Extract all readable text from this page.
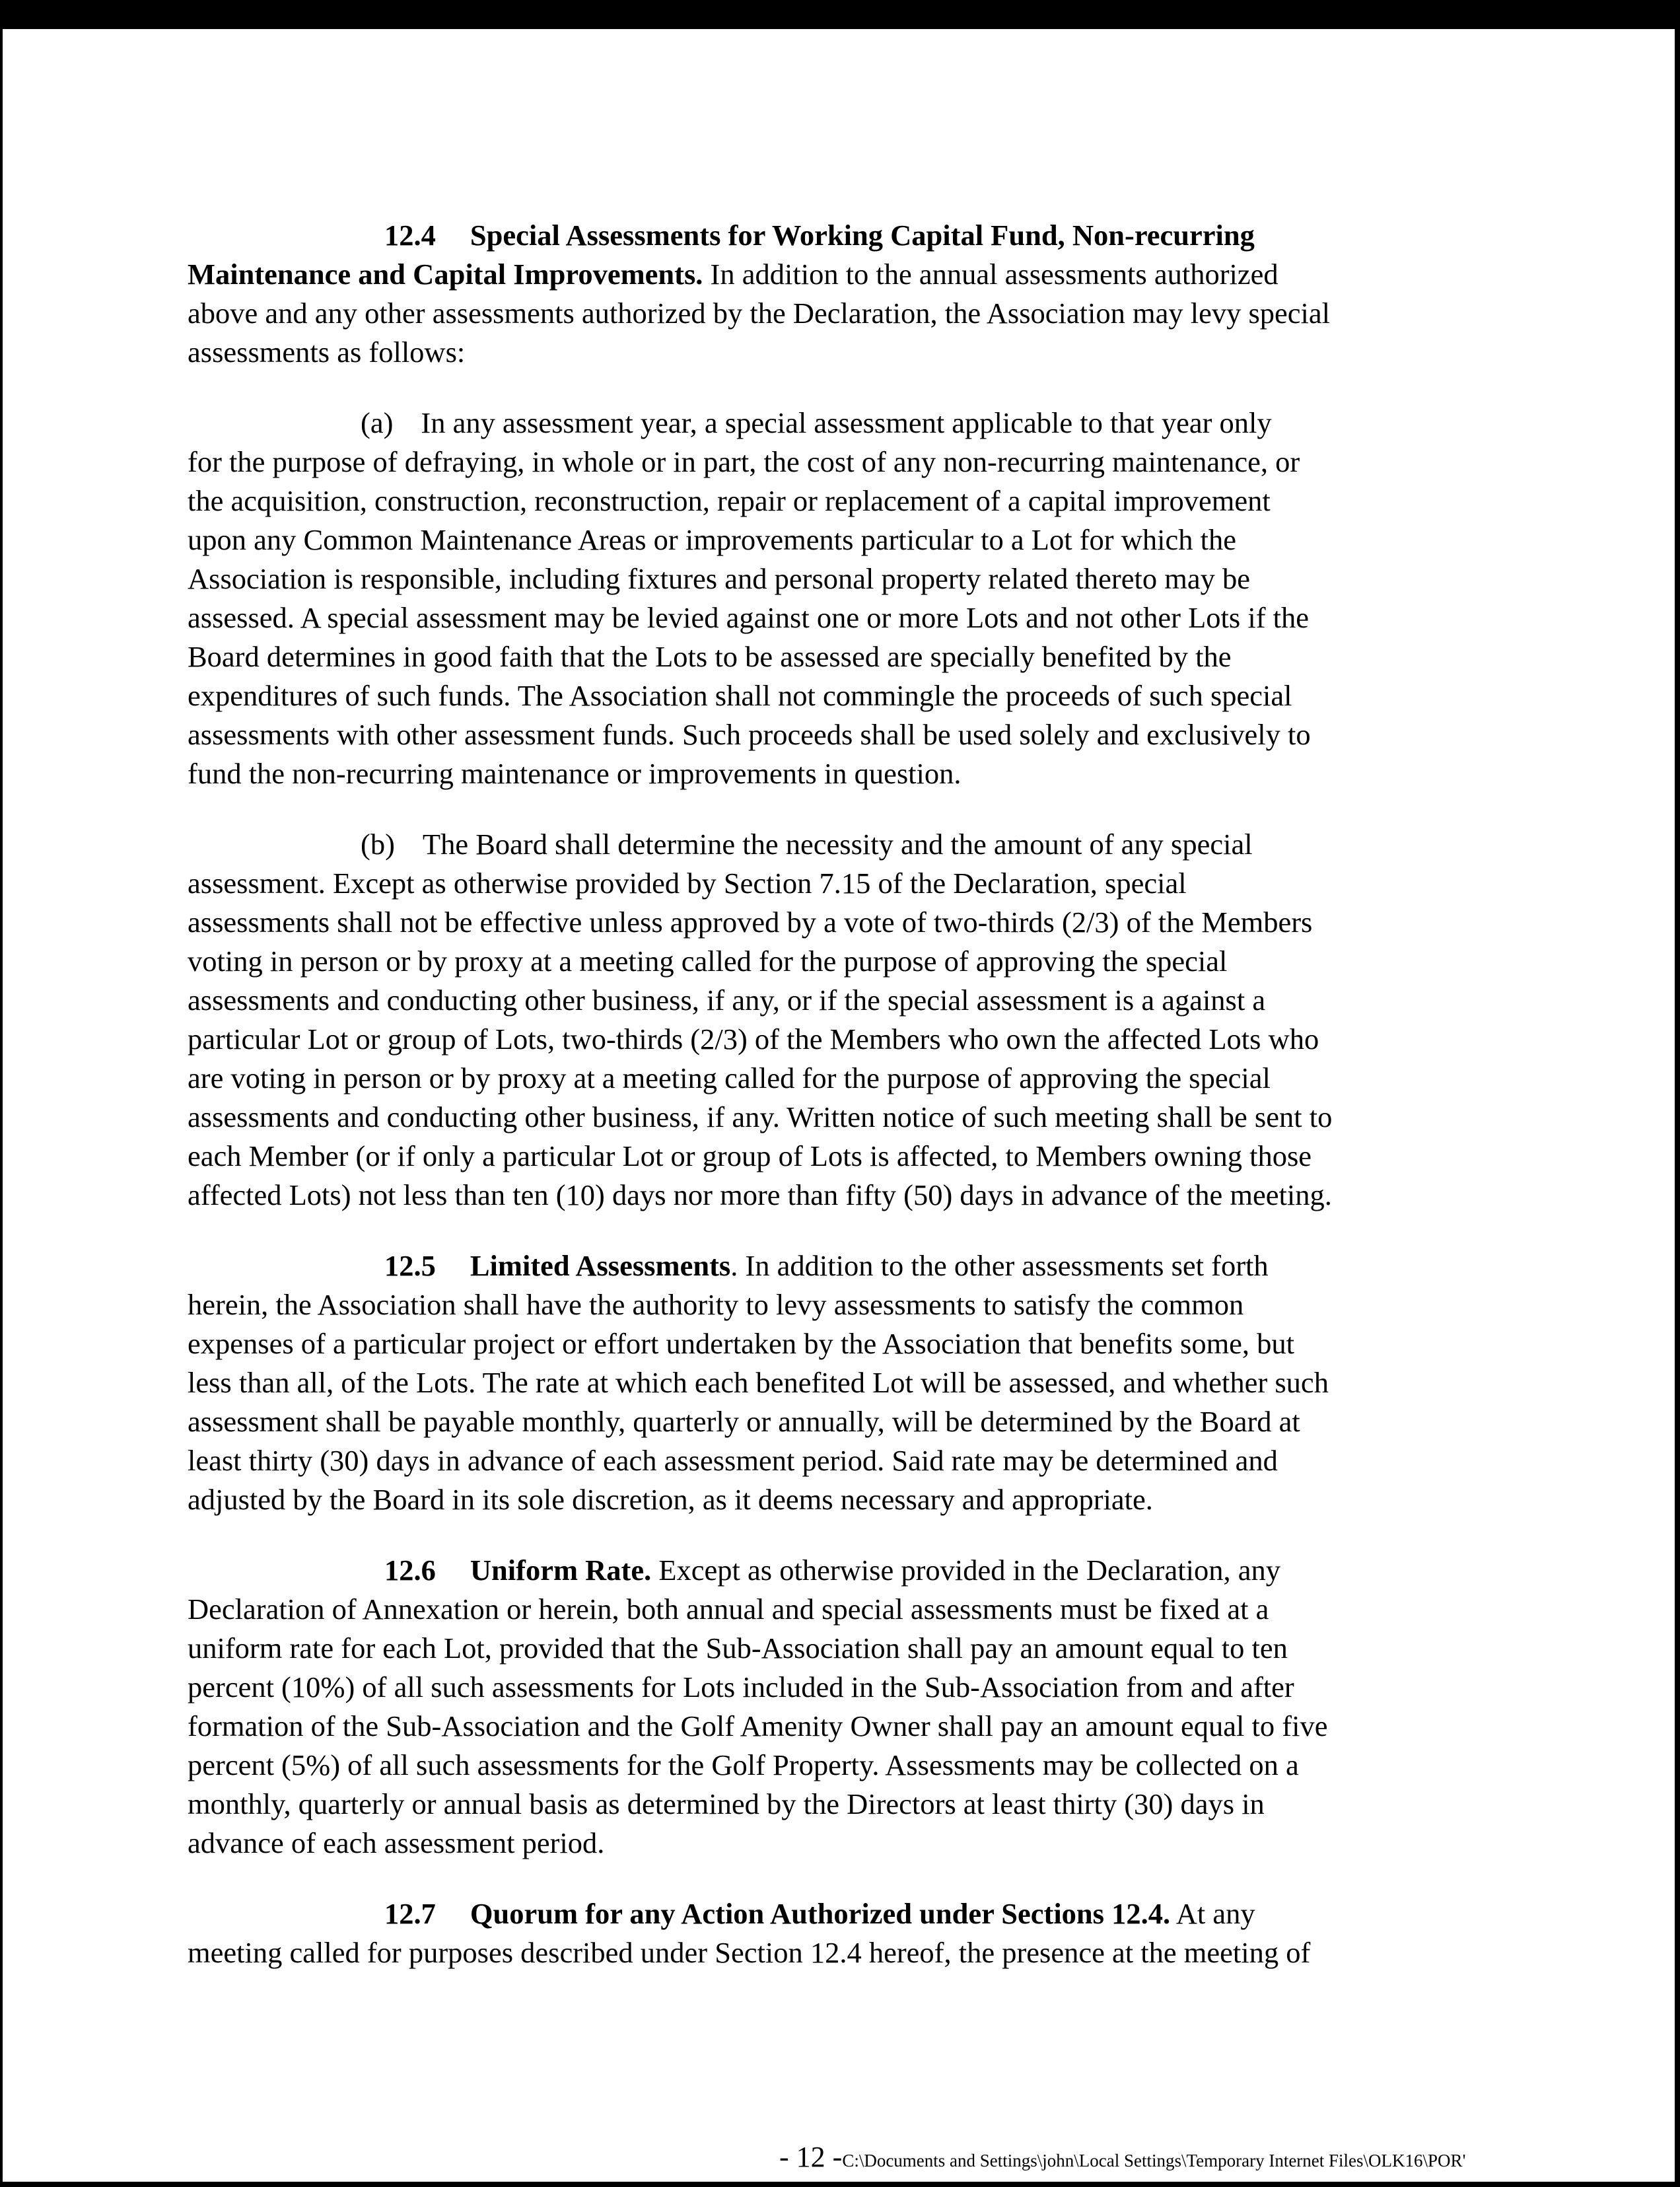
12.4 Special Assessments for Working Capital Fund, Non-recurring
Maintenance and Capital Improvements. In addition to the annual assessments authorized
above and any other assessments authorized by the Declaration, the Association may levy special
assessments as follows:
(a) In any assessment year, a special assessment applicable to that year only
for the purpose of defraying, in whole or in part, the cost of any non-recurring maintenance, or
the acquisition, construction, reconstruction, repair or replacement of a capital improvement
upon any Common Maintenance Areas or improvements particular to a Lot for which the
Association is responsible, including fixtures and personal property related thereto may be
assessed. A special assessment may be levied against one or more Lots and not other Lots if the
Board determines in good faith that the Lots to be assessed are specially benefited by the
expenditures of such funds. The Association shall not commingle the proceeds of such special
assessments with other assessment funds. Such proceeds shall be used solely and exclusively to
fund the non-recurring maintenance or improvements in question.
(b) The Board shall determine the necessity and the amount of any special
assessment. Except as otherwise provided by Section 7.15 of the Declaration, special
assessments shall not be effective unless approved by a vote of two-thirds (2/3) of the Members
voting in person or by proxy at a meeting called for the purpose of approving the special
assessments and conducting other business, if any, or if the special assessment is a against a
particular Lot or group of Lots, two-thirds (2/3) of the Members who own the affected Lots who
are voting in person or by proxy at a meeting called for the purpose of approving the special
assessments and conducting other business, if any. Written notice of such meeting shall be sent to
each Member (or if only a particular Lot or group of Lots is affected, to Members owning those
affected Lots) not less than ten (10) days nor more than fifty (50) days in advance of the meeting.
12.5 Limited Assessments. In addition to the other assessments set forth
herein, the Association shall have the authority to levy assessments to satisfy the common
expenses of a particular project or effort undertaken by the Association that benefits some, but
less than all, of the Lots. The rate at which each benefited Lot will be assessed, and whether such
assessment shall be payable monthly, quarterly or annually, will be determined by the Board at
least thirty (30) days in advance of each assessment period. Said rate may be determined and
adjusted by the Board in its sole discretion, as it deems necessary and appropriate.
12.6 Uniform Rate. Except as otherwise provided in the Declaration, any
Declaration of Annexation or herein, both annual and special assessments must be fixed at a
uniform rate for each Lot, provided that the Sub-Association shall pay an amount equal to ten
percent (10%) of all such assessments for Lots included in the Sub-Association from and after
formation of the Sub-Association and the Golf Amenity Owner shall pay an amount equal to five
percent (5%) of all such assessments for the Golf Property. Assessments may be collected on a
monthly, quarterly or annual basis as determined by the Directors at least thirty (30) days in
advance of each assessment period.
12.7 Quorum for any Action Authorized under Sections 12.4. At any
meeting called for purposes described under Section 12.4 hereof, the presence at the meeting of
- 12 -C:\Documents and Settings\john\Local Settings\Temporary Internet Files\OLK16\POR'
